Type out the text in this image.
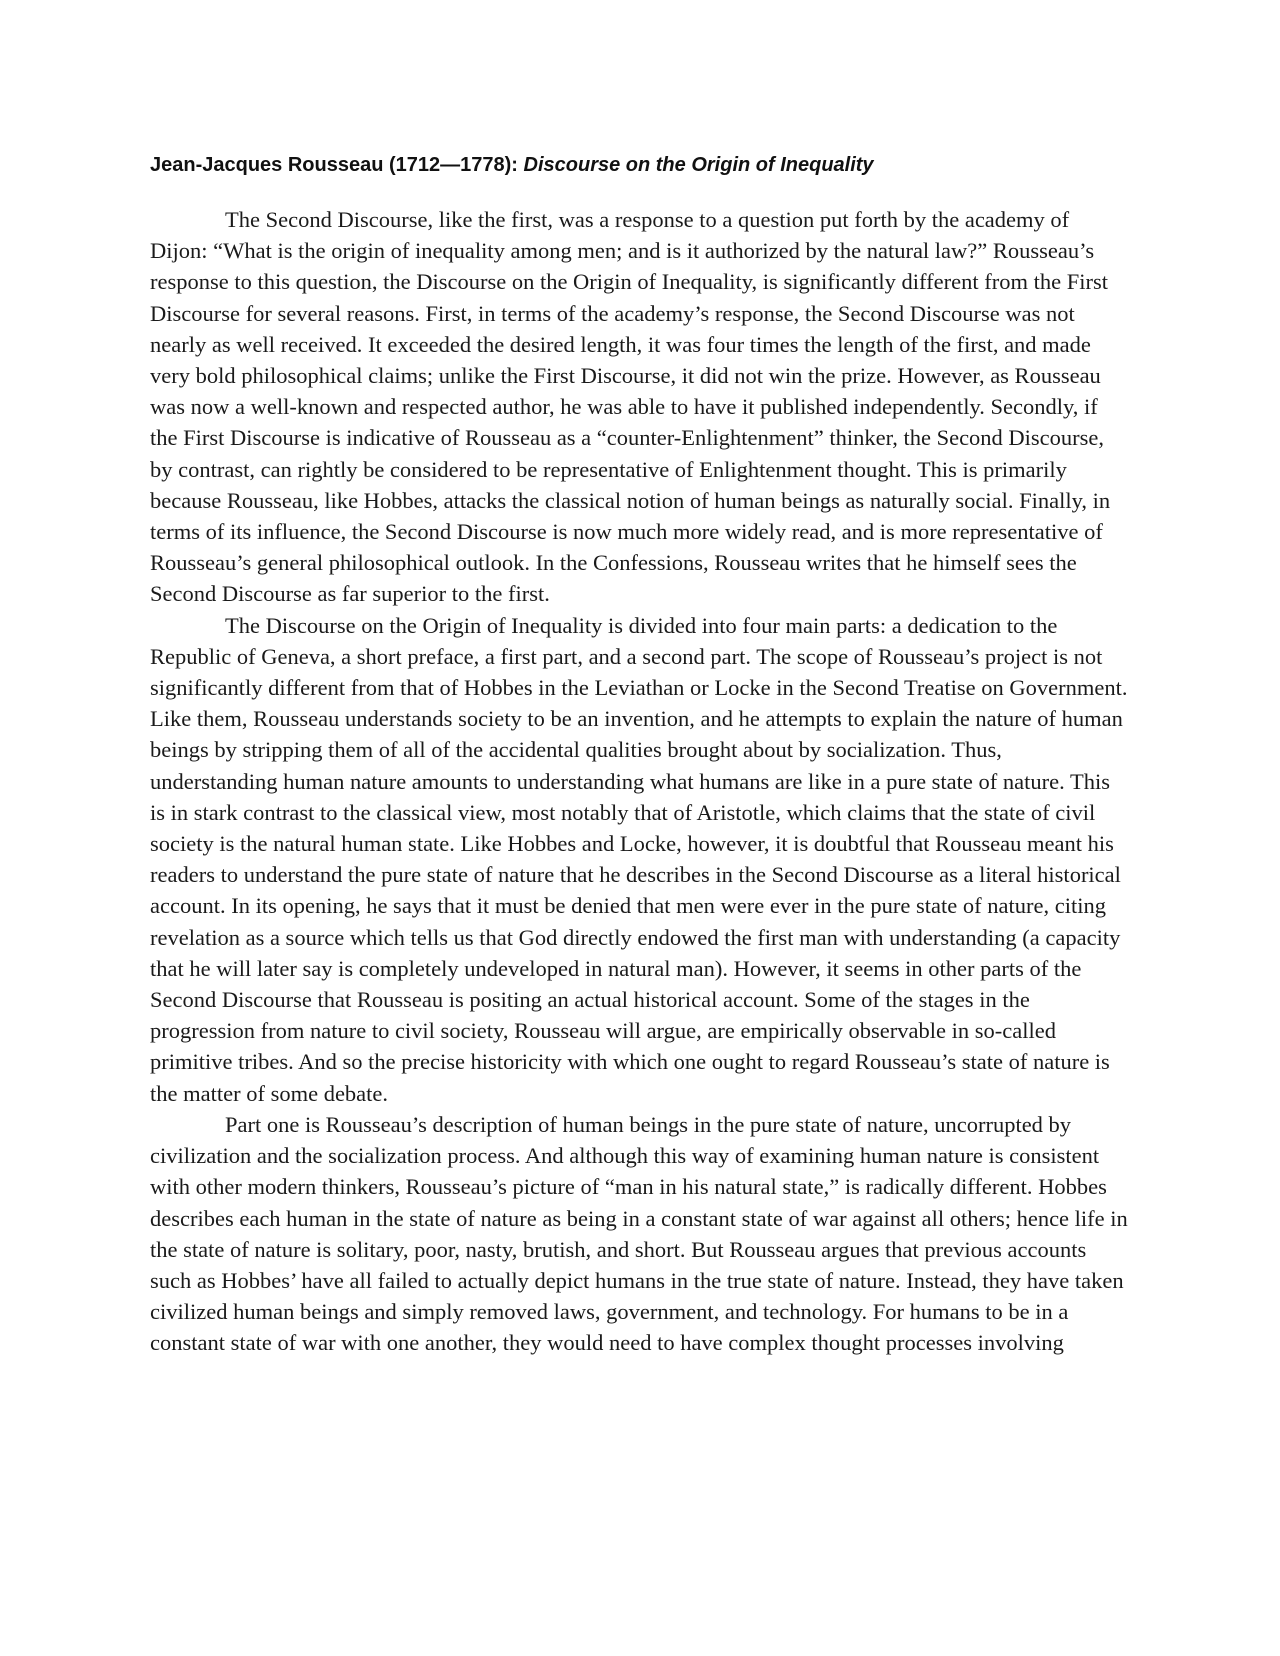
Jean-Jacques Rousseau (1712—1778): Discourse on the Origin of Inequality

The Second Discourse, like the first, was a response to a question put forth by the academy of Dijon: “What is the origin of inequality among men; and is it authorized by the natural law?” Rousseau’s response to this question, the Discourse on the Origin of Inequality, is significantly different from the First Discourse for several reasons. First, in terms of the academy’s response, the Second Discourse was not nearly as well received. It exceeded the desired length, it was four times the length of the first, and made very bold philosophical claims; unlike the First Discourse, it did not win the prize. However, as Rousseau was now a well-known and respected author, he was able to have it published independently. Secondly, if the First Discourse is indicative of Rousseau as a “counter-Enlightenment” thinker, the Second Discourse, by contrast, can rightly be considered to be representative of Enlightenment thought. This is primarily because Rousseau, like Hobbes, attacks the classical notion of human beings as naturally social. Finally, in terms of its influence, the Second Discourse is now much more widely read, and is more representative of Rousseau’s general philosophical outlook. In the Confessions, Rousseau writes that he himself sees the Second Discourse as far superior to the first.

The Discourse on the Origin of Inequality is divided into four main parts: a dedication to the Republic of Geneva, a short preface, a first part, and a second part. The scope of Rousseau’s project is not significantly different from that of Hobbes in the Leviathan or Locke in the Second Treatise on Government. Like them, Rousseau understands society to be an invention, and he attempts to explain the nature of human beings by stripping them of all of the accidental qualities brought about by socialization. Thus, understanding human nature amounts to understanding what humans are like in a pure state of nature. This is in stark contrast to the classical view, most notably that of Aristotle, which claims that the state of civil society is the natural human state. Like Hobbes and Locke, however, it is doubtful that Rousseau meant his readers to understand the pure state of nature that he describes in the Second Discourse as a literal historical account. In its opening, he says that it must be denied that men were ever in the pure state of nature, citing revelation as a source which tells us that God directly endowed the first man with understanding (a capacity that he will later say is completely undeveloped in natural man). However, it seems in other parts of the Second Discourse that Rousseau is positing an actual historical account. Some of the stages in the progression from nature to civil society, Rousseau will argue, are empirically observable in so-called primitive tribes. And so the precise historicity with which one ought to regard Rousseau’s state of nature is the matter of some debate.

Part one is Rousseau’s description of human beings in the pure state of nature, uncorrupted by civilization and the socialization process. And although this way of examining human nature is consistent with other modern thinkers, Rousseau’s picture of “man in his natural state,” is radically different. Hobbes describes each human in the state of nature as being in a constant state of war against all others; hence life in the state of nature is solitary, poor, nasty, brutish, and short. But Rousseau argues that previous accounts such as Hobbes’ have all failed to actually depict humans in the true state of nature. Instead, they have taken civilized human beings and simply removed laws, government, and technology. For humans to be in a constant state of war with one another, they would need to have complex thought processes involving
